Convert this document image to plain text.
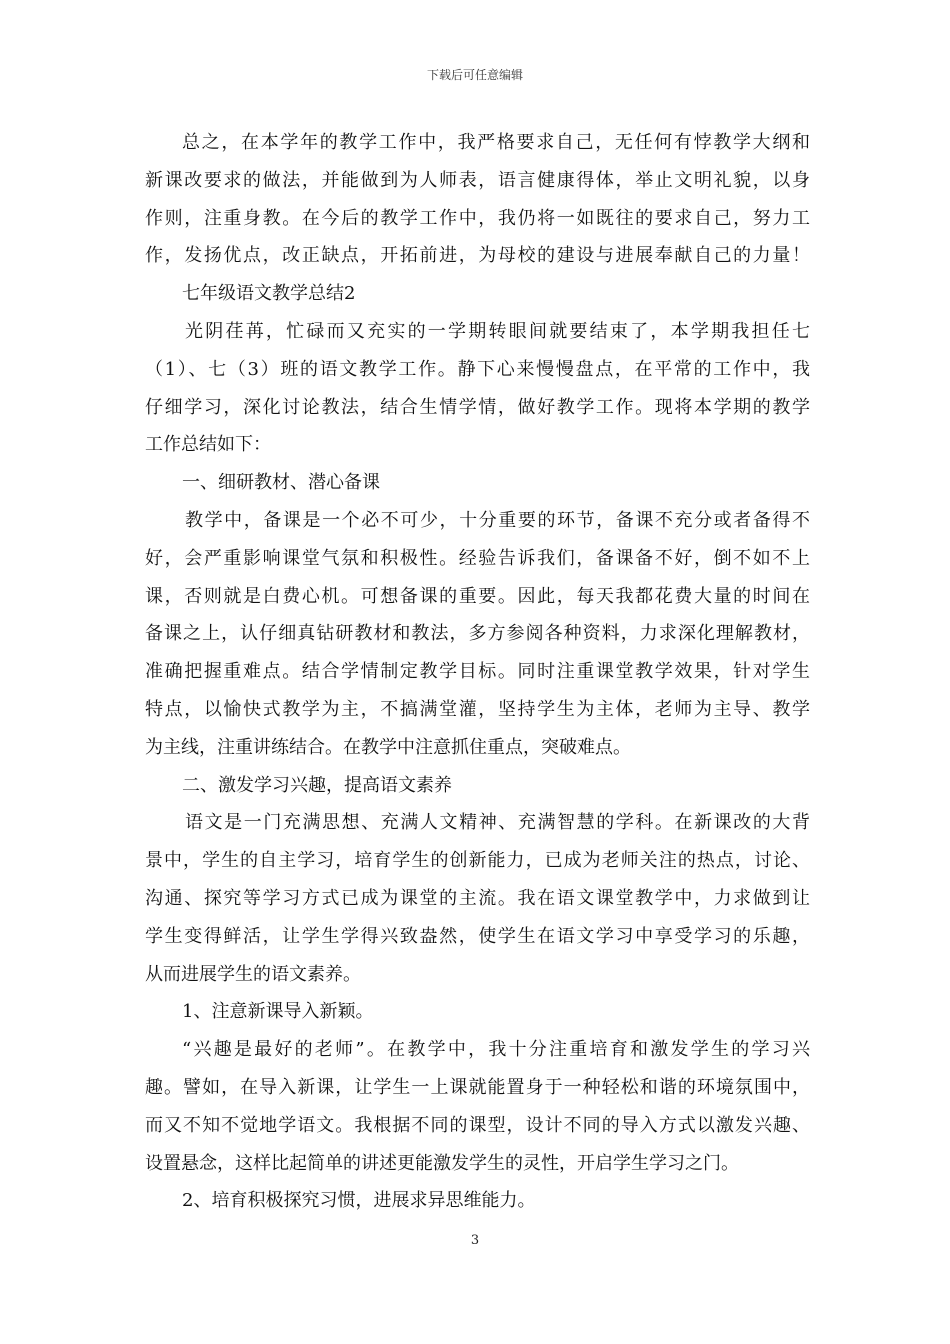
下载后可任意编辑
总之，在本学年的教学工作中，我严格要求自己，无任何有悖教学大纲和
新课改要求的做法，并能做到为人师表，语言健康得体，举止文明礼貌，以身
作则，注重身教。在今后的教学工作中，我仍将一如既往的要求自己，努力工
作，发扬优点，改正缺点，开拓前进，为母校的建设与进展奉献自己的力量！
七年级语文教学总结2
光阴荏苒，忙碌而又充实的一学期转眼间就要结束了，本学期我担任七
（1）、七（3）班的语文教学工作。静下心来慢慢盘点，在平常的工作中，我
仔细学习，深化讨论教法，结合生情学情，做好教学工作。现将本学期的教学
工作总结如下：
一、细研教材、潜心备课
教学中，备课是一个必不可少，十分重要的环节，备课不充分或者备得不
好，会严重影响课堂气氛和积极性。经验告诉我们，备课备不好，倒不如不上
课，否则就是白费心机。可想备课的重要。因此，每天我都花费大量的时间在
备课之上，认仔细真钻研教材和教法，多方参阅各种资料，力求深化理解教材，
准确把握重难点。结合学情制定教学目标。同时注重课堂教学效果，针对学生
特点，以愉快式教学为主，不搞满堂灌，坚持学生为主体，老师为主导、教学
为主线，注重讲练结合。在教学中注意抓住重点，突破难点。
二、激发学习兴趣，提高语文素养
语文是一门充满思想、充满人文精神、充满智慧的学科。在新课改的大背
景中，学生的自主学习，培育学生的创新能力，已成为老师关注的热点，讨论、
沟通、探究等学习方式已成为课堂的主流。我在语文课堂教学中，力求做到让
学生变得鲜活，让学生学得兴致盎然，使学生在语文学习中享受学习的乐趣，
从而进展学生的语文素养。
1、注意新课导入新颖。
“兴趣是最好的老师”。在教学中，我十分注重培育和激发学生的学习兴
趣。譬如，在导入新课，让学生一上课就能置身于一种轻松和谐的环境氛围中，
而又不知不觉地学语文。我根据不同的课型，设计不同的导入方式以激发兴趣、
设置悬念，这样比起简单的讲述更能激发学生的灵性，开启学生学习之门。
2、培育积极探究习惯，进展求异思维能力。
3
